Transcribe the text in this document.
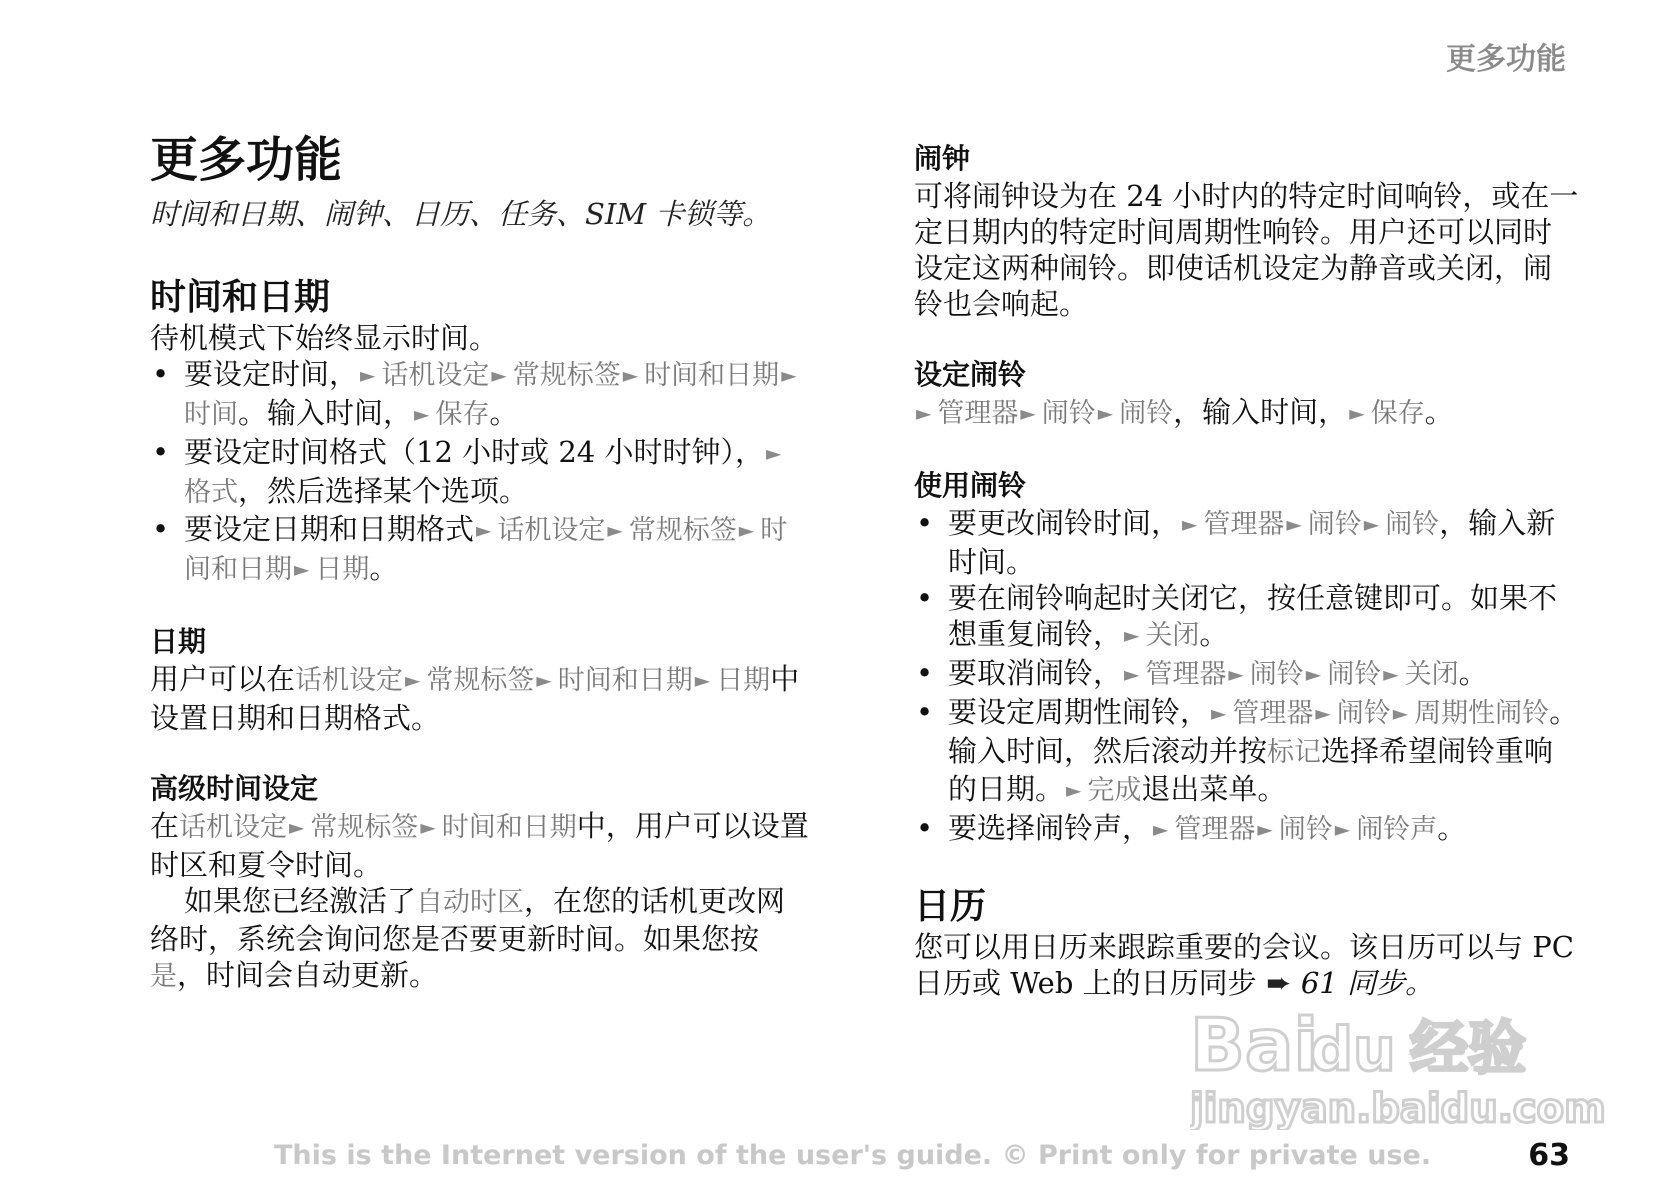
更多功能
更多功能
时间和日期、闹钟、日历、任务、SIM 卡锁等。
时间和日期

待机模式下始终显示时间。

• 要设定时间， ► 话机设定 ► 常规标签 ► 时间和日期 ►时间。输入时间， ► 保存。
• 要设定时间格式（12 小时或 24 小时时钟）， ►格式，然后选择某个选项。
• 要设定日期和日期格式 ► 话机设定 ► 常规标签 ► 时间和日期 ► 日期。
日期

用户可以在话机设定 ► 常规标签 ► 时间和日期 ► 日期中设置日期和日期格式。

高级时间设定

在话机设定 ► 常规标签 ► 时间和日期中，用户可以设置时区和夏令时间。

如果您已经激活了自动时区，在您的话机更改网络时，系统会询问您是否要更新时间。如果您按是，时间会自动更新。

闹钟

可将闹钟设为在 24 小时内的特定时间响铃，或在一定日期内的特定时间周期性响铃。用户还可以同时设定这两种闹铃。即使话机设定为静音或关闭，闹铃也会响起。

设定闹铃

► 管理器 ► 闹铃 ► 闹铃，输入时间， ► 保存。

使用闹铃
• 要更改闹铃时间， ► 管理器 ► 闹铃 ► 闹铃，输入新时间。
• 要在闹铃响起时关闭它，按任意键即可。如果不想重复闹铃， ► 关闭。
• 要取消闹铃， ► 管理器 ► 闹铃 ► 闹铃 ► 关闭。
• 要设定周期性闹铃， ► 管理器 ► 闹铃 ► 周期性闹铃。输入时间，然后滚动并按标记选择希望闹铃重响的日期。 ► 完成退出菜单。
• 要选择闹铃声， ► 管理器 ► 闹铃 ► 闹铃声。
日历

您可以用日历来跟踪重要的会议。该日历可以与 PC 日历或 Web 上的日历同步 ➨ 61 同步。

Bai
du 经验
jingyan.baidu.com
This is the Internet version of the user's guide. © Print only for private use.	63
